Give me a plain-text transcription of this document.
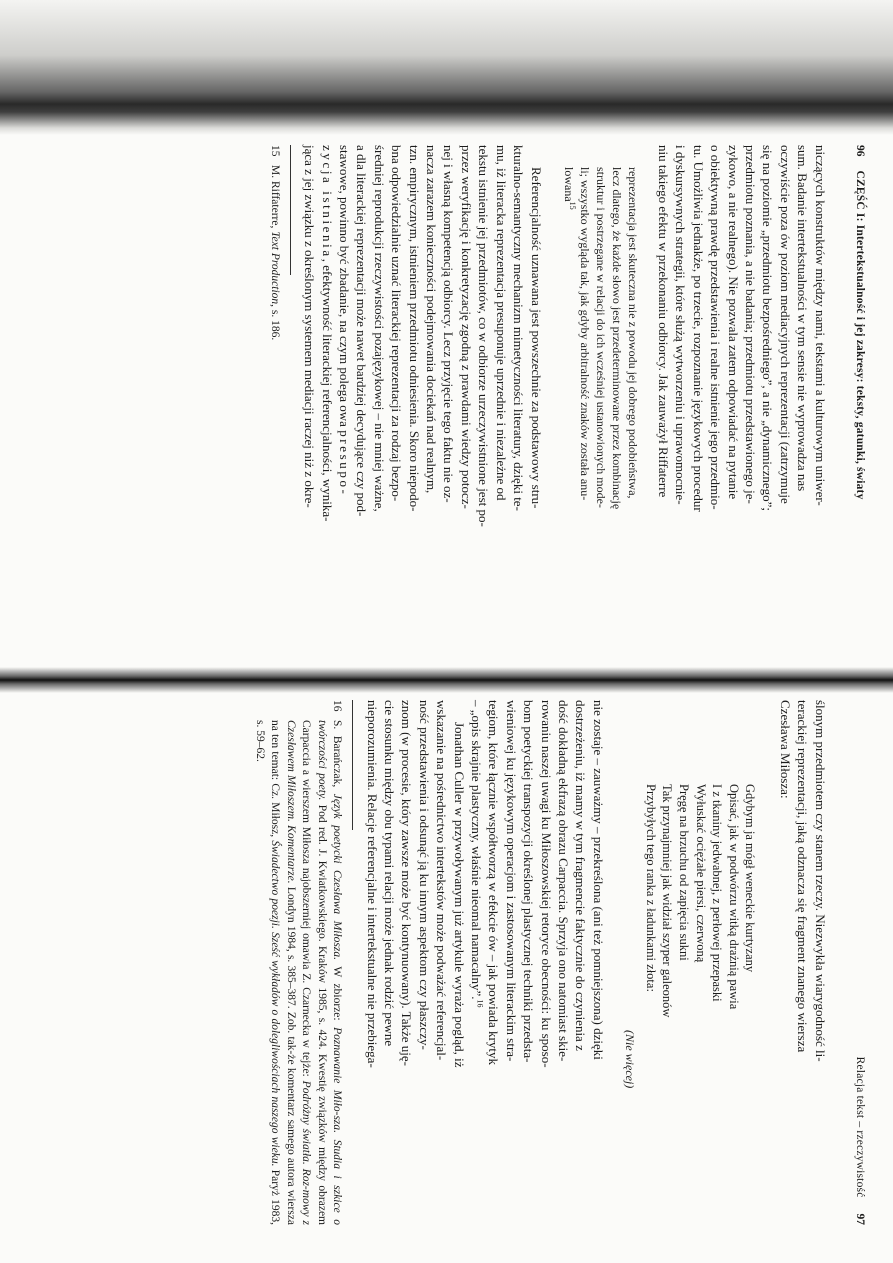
96
CZĘŚĆ I: Intertekstualność i jej zakresy: teksty, gatunki, światy

niczących konstruktów między nami, tekstami a kulturowym uniwer-

sum. Badanie intertekstualności w tym sensie nie wyprowadza nas

oczywiście poza ów poziom mediacyjnych reprezentacji (zatrzymuje

się na poziomie „przedmiotu bezpośredniego”, a nie „dynamicznego”;

przedmiotu poznania, a nie badania; przedmiotu przedstawionego je-

zykowo, a nie realnego). Nie pozwala zatem odpowiadać na pytanie

o obiektywną prawdę przedstawienia i realne istnienie jego przedmio-

tu. Umożliwia jednakże, po trzecie, rozpoznanie językowych procedur

i dyskursywnych strategii, które służą wytworzeniu i uprawomocnie-

niu takiego efektu w przekonaniu odbiorcy. Jak zauważył Riffaterre

reprezentacja jest skuteczna nie z powodu jej dobrego podobieństwa,
lecz dlatego, że każde słowo jest przedeterminowane przez kombinację
struktur i postrzegane w relacji do ich wcześniej ustanowionych mode-
li; wszystko wygląda tak, jak gdyby arbitralność znaków została anu-
lowana$^{15}$

Referencjalność uznawana jest powszechnie za podstawowy stru-

kturalno-semantyczny mechanizm mimetyczności literatury, dzięki te-

mu, iż literacka reprezentacja presuponuje uprzednie i niezależne od

tekstu istnienie jej przedmiotów, co w odbiorze urzeczywistnione jest po-

przez weryfikację i konkretyzację zgodną z prawdami wiedzy potocz-

nej i własną kompetencją odbiorcy. Lecz przyjęcie tego faktu nie oz-

nacza zarazem konieczności podejmowania dociekań nad realnym,

tzn. empirycznym, istnieniem przedmiotu odniesienia. Skoro niepodo-

bna odpowiedzialnie uznać literackiej reprezentacji za rodzaj bezpo-

średniej reprodukcji rzeczywistości pozajęzykowej – nie mniej ważne,

a dla literackiej reprezentacji może nawet bardziej decydujące czy pod-

stawowe, powinno być zbadanie, na czym polega owa presupo-

zycja istnienia, efektywność literackiej referencjalności, wynika-

jąca z jej związku z określonym systemem mediacji raczej niż z okre-

15
M. Riffaterre, Text Production, s. 186.
Relacja tekst – rzeczywistość
97

ślonym przedmiotem czy stanem rzeczy. Niezwykła wiarygodność li-

terackiej reprezentacji, jaką odznacza się fragment znanego wiersza

Czesława Miłosza:

Gdybym ja mógł weneckie kurtyzany
Opisać, jak w podwórzu witką drażnią pawia
I z tkaniny jedwabnej, z perłowej przepaski
Wyłuskać ociężałe piersi, czerwoną
Pręgę na brzuchu od zapięcia sukni
Tak przynajmniej jak widział szyper galeonów
Przybyłych tego ranka z ładunkami złota:
(Nie więcej)

nie zostaje – zauważmy – przekreślona (ani też pomniejszona) dzięki

dostrzeżeniu, iż mamy w tym fragmencie faktycznie do czynienia z

dość dokładną ekfrazą obrazu Carpaccia. Sprzyja ono natomiast skie-

rowaniu naszej uwagi ku Miłoszowskiej retoryce obecności: ku sposo-

bom poetyckiej transpozycji określonej plastycznej techniki przedsta-

wieniowej ku językowym operacjom i zastosowanym literackim stra-

tegiom, które łącznie współtworzą w efekcie ów – jak powiada krytyk

– „opis skrajnie plastyczny, właśnie nieomal namacalny”.$^{16}$

Jonathan Culler w przywoływanym już artykule wyraża pogląd, iż

wskazanie na pośrednictwo intertekstów może podważać referencjal-

ność przedstawienia i odsunąć ją ku innym aspektom czy płaszczy-

znom (w procesie, który zawsze może być kontynuowany). Także uję-

cie stosunku między obu typami relacji może jednak rodzić pewne

nieporozumienia. Relacje referencjalne i intertekstualne nie przebiega-

16
S. Barańczak, Język poetycki Czesława Miłosza. W zbiorze: Poznawanie Miło-sza. Studia i szkice o twórczości poety. Pod red. J. Kwiatkowskiego. Kraków 1985, s. 424. Kwestię związków między obrazem Carpaccia a wierszem Miłosza najobszerniej omawia Z. Czarnecka w tejże: Podróżny światła. Roz-mowy z Czesławem Miłoszem. Komentarze. Londyn 1984, s. 385–387. Zob. tak-że komentarz samego autora wiersza na ten temat: Cz. Miłosz, Świadectwo poezji. Sześć wykładów o dolegliwościach naszego wieku. Paryż 1983, s. 59–62.
